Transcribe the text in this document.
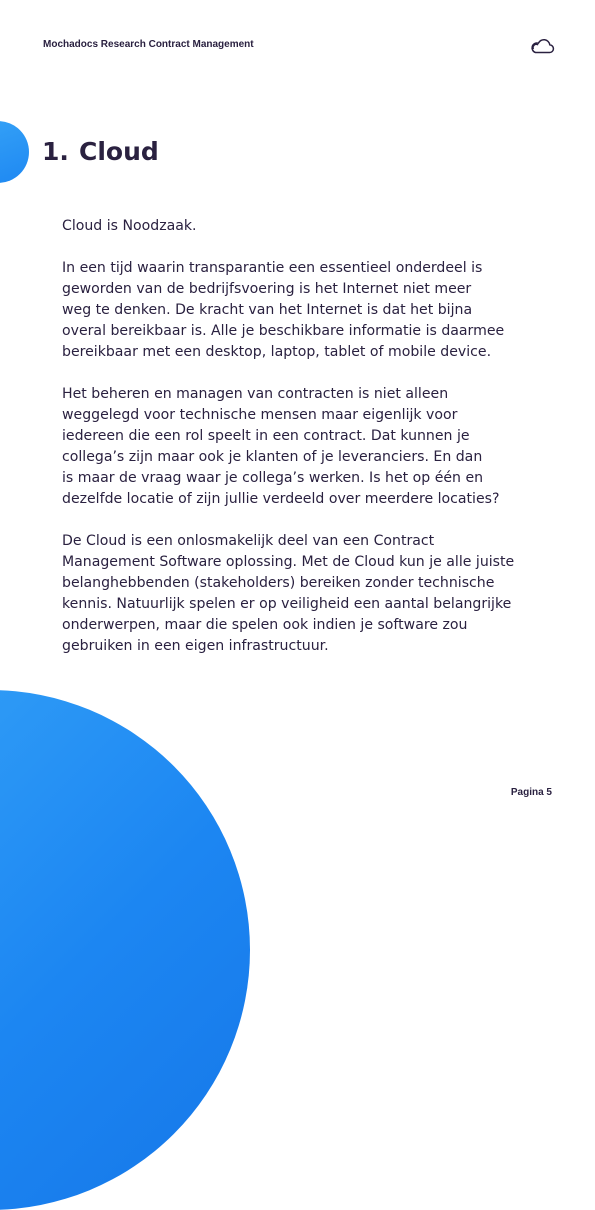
Mochadocs Research Contract Management
1. Cloud

Cloud is Noodzaak.

In een tijd waarin transparantie een essentieel onderdeel is
geworden van de bedrijfsvoering is het Internet niet meer
weg te denken. De kracht van het Internet is dat het bijna
overal bereikbaar is. Alle je beschikbare informatie is daarmee
bereikbaar met een desktop, laptop, tablet of mobile device.

Het beheren en managen van contracten is niet alleen
weggelegd voor technische mensen maar eigenlijk voor
iedereen die een rol speelt in een contract. Dat kunnen je
collega’s zijn maar ook je klanten of je leveranciers. En dan
is maar de vraag waar je collega’s werken. Is het op één en
dezelfde locatie of zijn jullie verdeeld over meerdere locaties?

De Cloud is een onlosmakelijk deel van een Contract
Management Software oplossing. Met de Cloud kun je alle juiste
belanghebbenden (stakeholders) bereiken zonder technische
kennis. Natuurlijk spelen er op veiligheid een aantal belangrijke
onderwerpen, maar die spelen ook indien je software zou
gebruiken in een eigen infrastructuur.

Pagina 5
